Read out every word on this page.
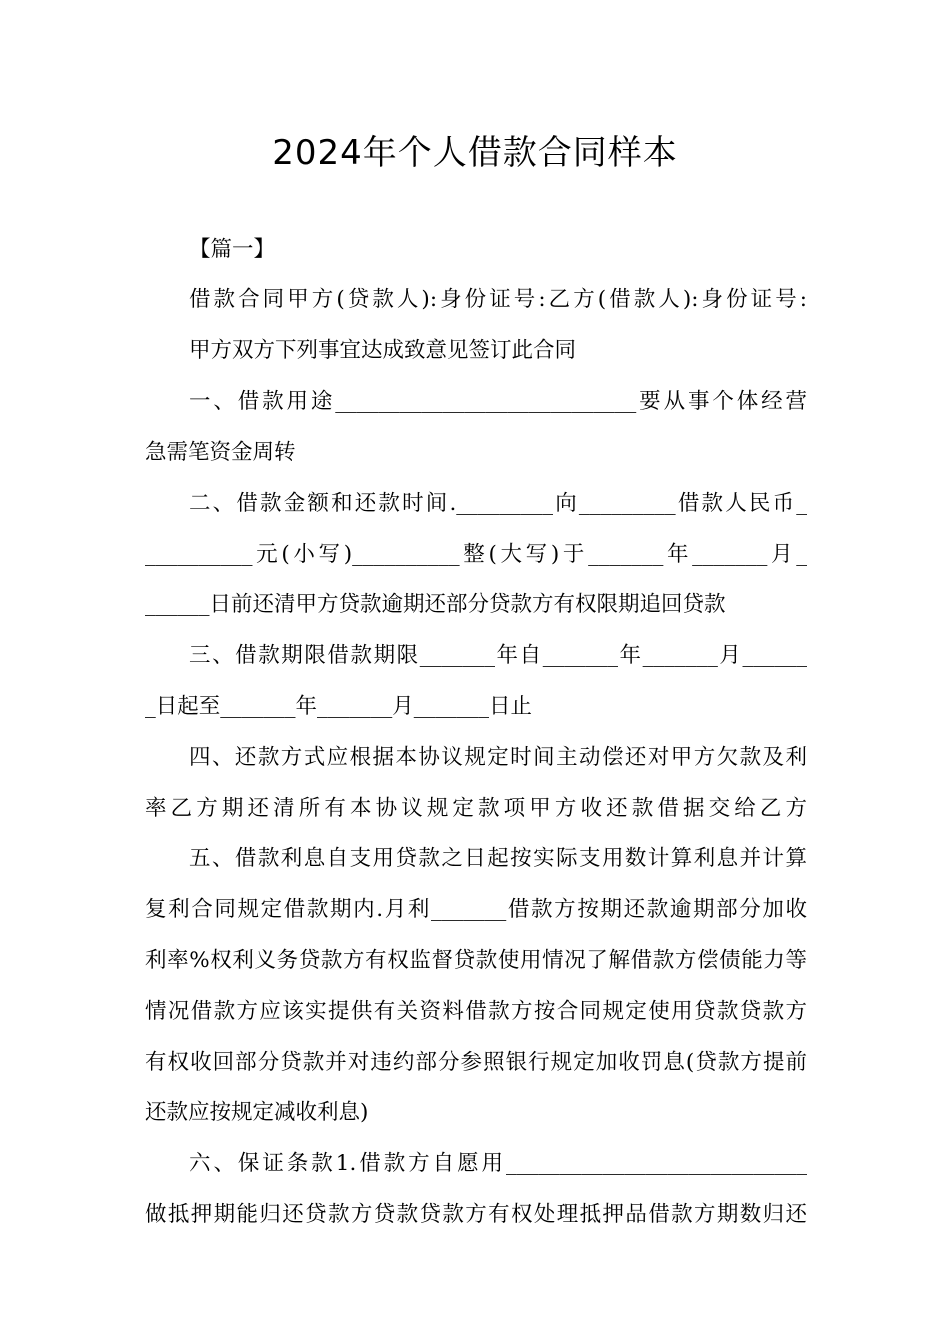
2024年个人借款合同样本
【篇一】
借款合同甲方(贷款人):身份证号:乙方(借款人):身份证号:
甲方双方下列事宜达成致意见签订此合同
一、借款用途____________________________要从事个体经营
急需笔资金周转
二、借款金额和还款时间._________向_________借款人民币_
__________元(小写)__________整(大写)于_______年_______月_
______日前还清甲方贷款逾期还部分贷款方有权限期追回贷款
三、借款期限借款期限_______年自_______年_______月______
_日起至_______年_______月_______日止
四、还款方式应根据本协议规定时间主动偿还对甲方欠款及利
率乙方期还清所有本协议规定款项甲方收还款借据交给乙方
五、借款利息自支用贷款之日起按实际支用数计算利息并计算
复利合同规定借款期内.月利_______借款方按期还款逾期部分加收
利率%权利义务贷款方有权监督贷款使用情况了解借款方偿债能力等
情况借款方应该实提供有关资料借款方按合同规定使用贷款贷款方
有权收回部分贷款并对违约部分参照银行规定加收罚息(贷款方提前
还款应按规定减收利息)
六、保证条款1.借款方自愿用____________________________
做抵押期能归还贷款方贷款贷款方有权处理抵押品借款方期数归还
